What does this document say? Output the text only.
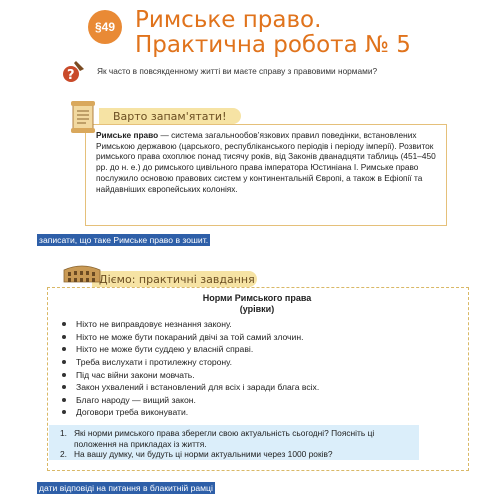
§49 Римське право.
Практична робота № 5
?	Як часто в повсякденному житті ви маєте справу з правовими нормами?
Варто запам'ятати!
Римське право — система загальнообов’язкових правил поведінки, встановлених Римською державою (царського, республіканського періодів і періоду імперії). Розвиток римського права охоплює понад тисячу років, від Законів дванадцяти таблиць (451–450 рр. до н. е.) до римського цивільного права імператора Юстиніана І. Римське право послужило основою правових систем у континентальній Європі, а також в Ефіопії та найдавніших європейських колоніях.
записати, що таке Римське право в зошит.
Діємо: практичні завдання
Норми Римського права
(урівки)
Ніхто не виправдовує незнання закону.
Ніхто не може бути покараний двічі за той самий злочин.
Ніхто не може бути суддею у власній справі.
Треба вислухати і протилежну сторону.
Під час війни закони мовчать.
Закон ухвалений і встановлений для всіх і заради блага всіх.
Благо народу — вищий закон.
Договори треба виконувати.
1. Які норми римського права зберегли свою актуальність сьогодні? Поясніть ці положення на прикладах із життя.
2. На вашу думку, чи будуть ці норми актуальними через 1000 років?
дати відповіді на питання в блакитній рамці
